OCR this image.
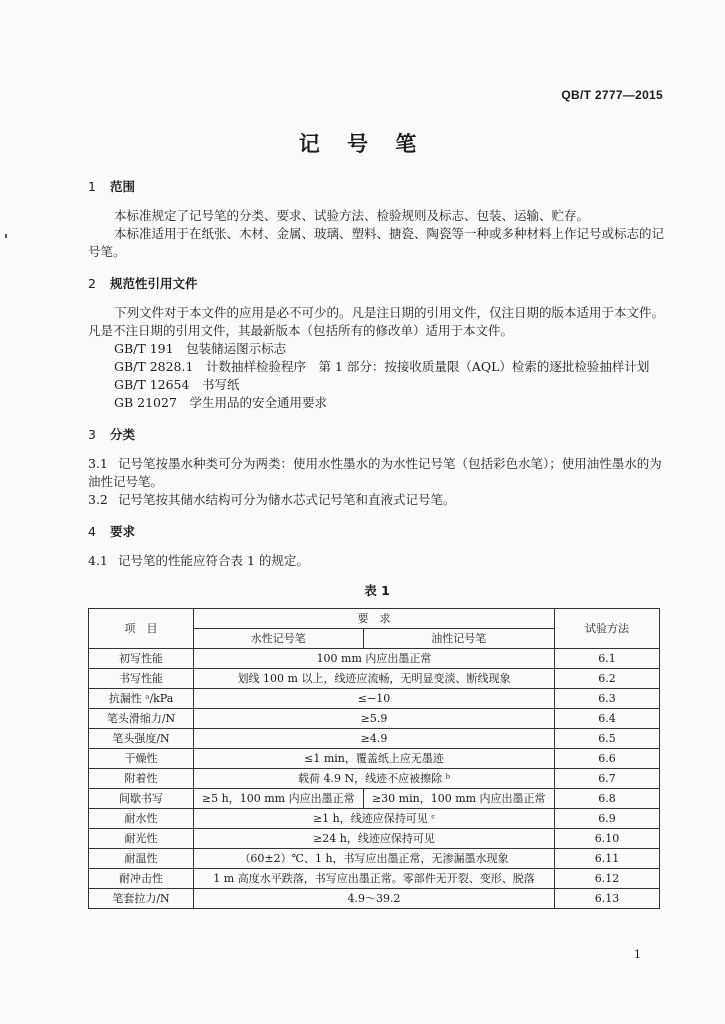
QB/T 2777—2015
记 号 笔
1 范围

本标准规定了记号笔的分类、要求、试验方法、检验规则及标志、包装、运输、贮存。

本标准适用于在纸张、木材、金属、玻璃、塑料、搪瓷、陶瓷等一种或多种材料上作记号或标志的记号笔。

2 规范性引用文件

下列文件对于本文件的应用是必不可少的。凡是注日期的引用文件，仅注日期的版本适用于本文件。凡是不注日期的引用文件，其最新版本（包括所有的修改单）适用于本文件。

GB/T 191　 包装储运图示标志

GB/T 2828.1　 计数抽样检验程序　第 1 部分：按接收质量限（AQL）检索的逐批检验抽样计划

GB/T 12654　 书写纸

GB 21027　 学生用品的安全通用要求

3 分类

3.1 记号笔按墨水种类可分为两类：使用水性墨水的为水性记号笔（包括彩色水笔）；使用油性墨水的为油性记号笔。

3.2 记号笔按其储水结构可分为储水芯式记号笔和直液式记号笔。

4 要求

4.1 记号笔的性能应符合表 1 的规定。

表 1
项　目	要　求		试验方法
	水性记号笔	油性记号笔	
初写性能	100 mm 内应出墨正常		6.1
书写性能	划线 100 m 以上，线迹应流畅，无明显变淡、断线现象		6.2
抗漏性 ᵃ/kPa	≤−10		6.3
笔头滑缩力/N	≥5.9		6.4
笔头强度/N	≥4.9		6.5
干燥性	≤1 min，覆盖纸上应无墨迹		6.6
附着性	载荷 4.9 N，线迹不应被擦除 ᵇ		6.7
间歇书写	≥5 h，100 mm 内应出墨正常	≥30 min，100 mm 内应出墨正常	6.8
耐水性	≥1 h，线迹应保持可见 ᶜ		6.9
耐光性	≥24 h，线迹应保持可见		6.10
耐温性	（60±2）℃、1 h，书写应出墨正常，无渗漏墨水现象		6.11
耐冲击性	1 m 高度水平跌落，书写应出墨正常。零部件无开裂、变形、脱落		6.12
笔套拉力/N	4.9～39.2		6.13
1
